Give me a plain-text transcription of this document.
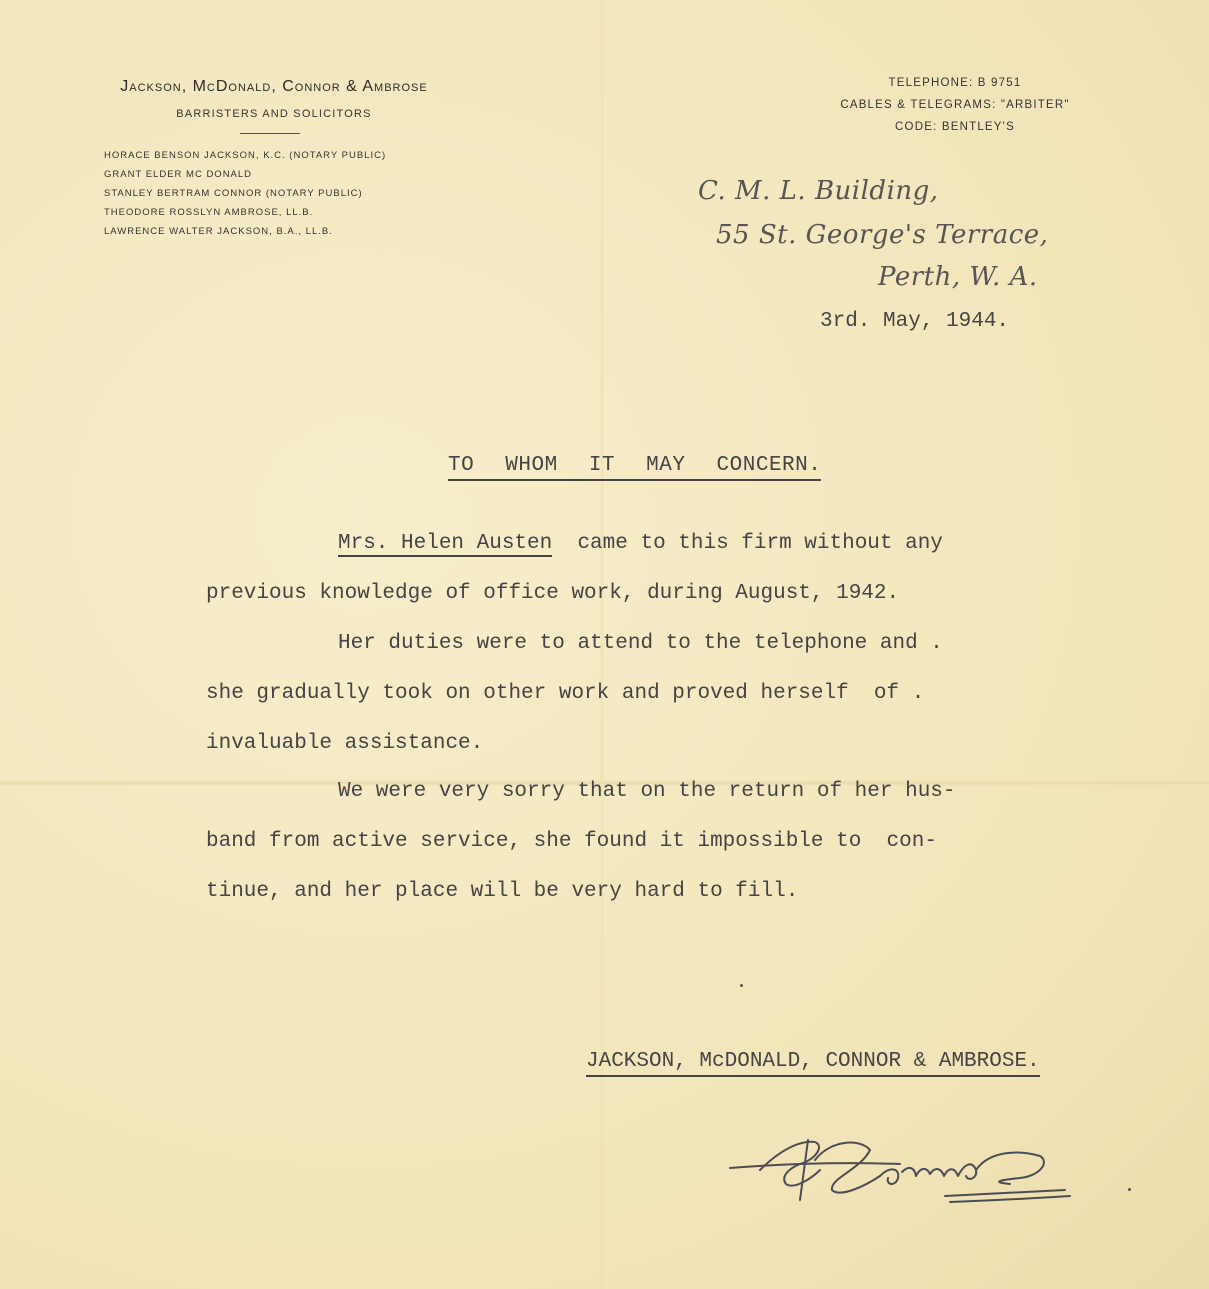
Jackson, McDonald, Connor & Ambrose
BARRISTERS AND SOLICITORS
HORACE BENSON JACKSON, K.C. (NOTARY PUBLIC)
GRANT ELDER MC DONALD
STANLEY BERTRAM CONNOR (NOTARY PUBLIC)
THEODORE ROSSLYN AMBROSE, LL.B.
LAWRENCE WALTER JACKSON, B.A., LL.B.
TELEPHONE: B 9751
CABLES & TELEGRAMS: "ARBITER"
CODE: BENTLEY'S
C. M. L. Building,
55 St. George's Terrace,
Perth, W. A.
3rd. May, 1944.
TO WHOM IT MAY CONCERN.
Mrs. Helen Austen  came to this firm without any
previous knowledge of office work, during August, 1942.
Her duties were to attend to the telephone and .
she gradually took on other work and proved herself  of .
invaluable assistance.
We were very sorry that on the return of her hus-
band from active service, she found it impossible to  con-
tinue, and her place will be very hard to fill.
JACKSON, McDONALD, CONNOR & AMBROSE.
